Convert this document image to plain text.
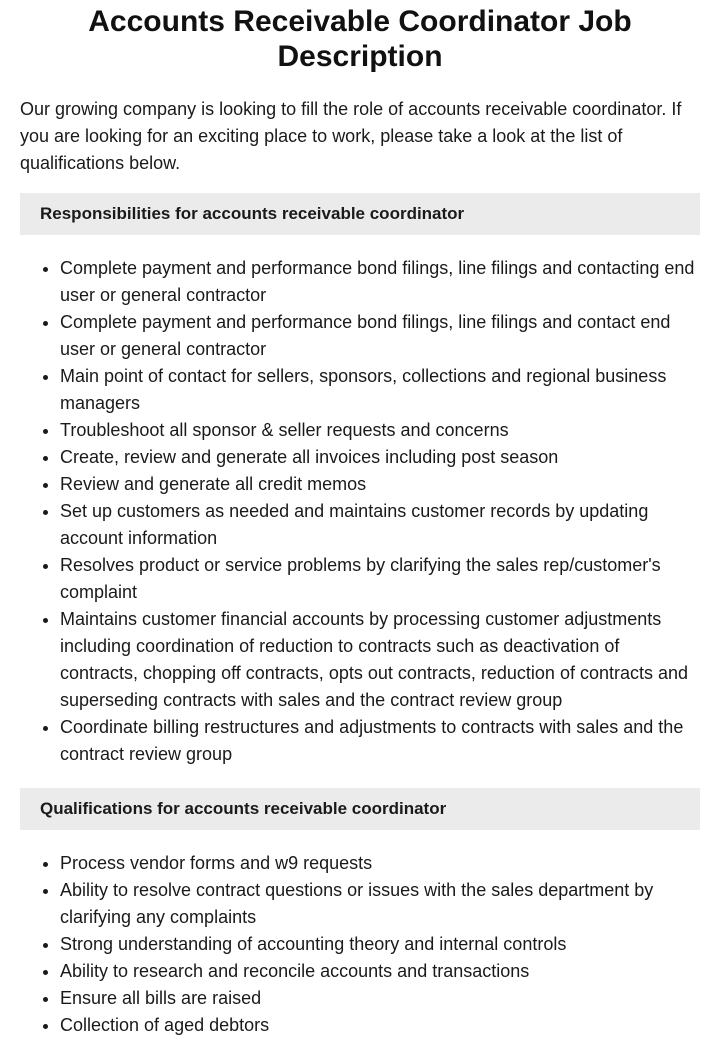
Accounts Receivable Coordinator Job Description

Our growing company is looking to fill the role of accounts receivable coordinator. If you are looking for an exciting place to work, please take a look at the list of qualifications below.

Responsibilities for accounts receivable coordinator
• Complete payment and performance bond filings, line filings and contacting end user or general contractor
• Complete payment and performance bond filings, line filings and contact end user or general contractor
• Main point of contact for sellers, sponsors, collections and regional business managers
• Troubleshoot all sponsor & seller requests and concerns
• Create, review and generate all invoices including post season
• Review and generate all credit memos
• Set up customers as needed and maintains customer records by updating account information
• Resolves product or service problems by clarifying the sales rep/customer's complaint
• Maintains customer financial accounts by processing customer adjustments including coordination of reduction to contracts such as deactivation of contracts, chopping off contracts, opts out contracts, reduction of contracts and superseding contracts with sales and the contract review group
• Coordinate billing restructures and adjustments to contracts with sales and the contract review group
Qualifications for accounts receivable coordinator
• Process vendor forms and w9 requests
• Ability to resolve contract questions or issues with the sales department by clarifying any complaints
• Strong understanding of accounting theory and internal controls
• Ability to research and reconcile accounts and transactions
• Ensure all bills are raised
• Collection of aged debtors
